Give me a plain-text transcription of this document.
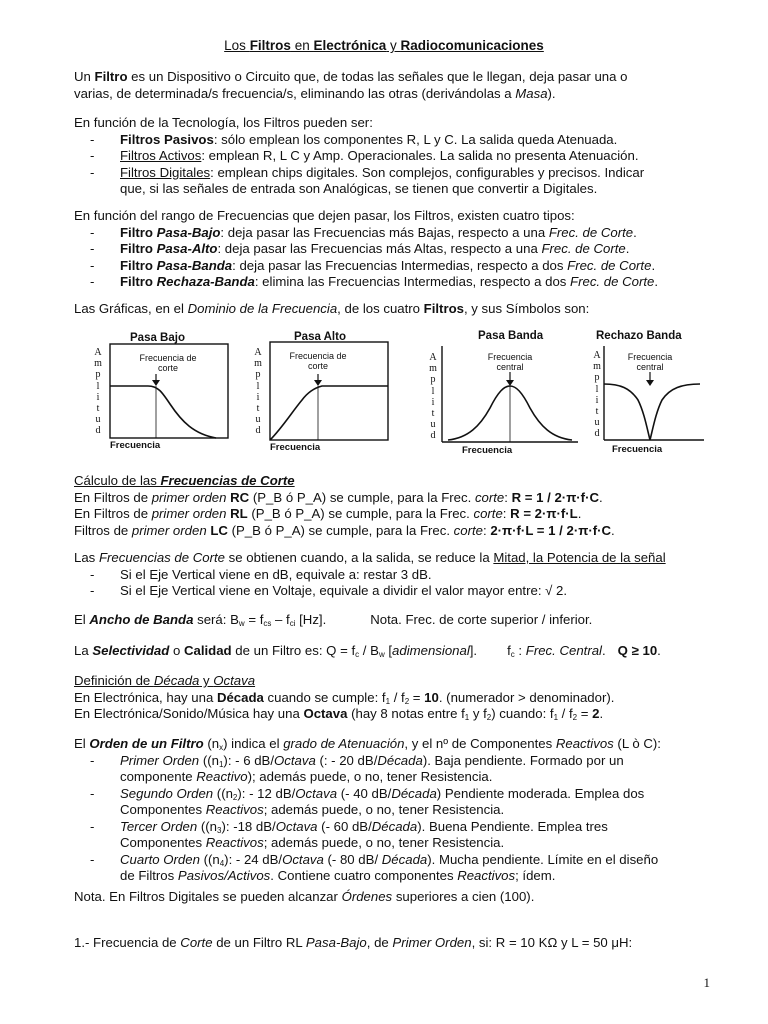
Los Filtros en Electrónica y Radiocomunicaciones
Un Filtro es un Dispositivo o Circuito que, de todas las señales que le llegan, deja pasar una o
varias, de determinada/s frecuencia/s, eliminando las otras (derivándolas a Masa).
En función de la Tecnología, los Filtros pueden ser:
- Filtros Pasivos: sólo emplean los componentes R, L y C. La salida queda Atenuada.
- Filtros Activos: emplean R, L C y Amp. Operacionales. La salida no presenta Atenuación.
- Filtros Digitales: emplean chips digitales. Son complejos, configurables y precisos. Indicar
que, si las señales de entrada son Analógicas, se tienen que convertir a Digitales.
En función del rango de Frecuencias que dejen pasar, los Filtros, existen cuatro tipos:
- Filtro Pasa-Bajo: deja pasar las Frecuencias más Bajas, respecto a una Frec. de Corte.
- Filtro Pasa-Alto: deja pasar las Frecuencias más Altas, respecto a una Frec. de Corte.
- Filtro Pasa-Banda: deja pasar las Frecuencias Intermedias, respecto a dos Frec. de Corte.
- Filtro Rechaza-Banda: elimina las Frecuencias Intermedias, respecto a dos Frec. de Corte.
Las Gráficas, en el Dominio de la Frecuencia, de los cuatro Filtros, y sus Símbolos son:
A
m
p
l
i
t
u
d
Pasa Bajo
Frecuencia de
corte
Frecuencia
A
m
p
l
i
t
u
d
Pasa Alto
Frecuencia de
corte
Frecuencia
A
m
p
l
i
t
u
d
Pasa Banda
Frecuencia
central
Frecuencia
A
m
p
l
i
t
u
d
Rechazo Banda
Frecuencia
central
Frecuencia
Cálculo de las Frecuencias de Corte
En Filtros de primer orden RC (P_B ó P_A) se cumple, para la Frec. corte: R = 1 / 2·π·f·C.
En Filtros de primer orden RL (P_B ó P_A) se cumple, para la Frec. corte: R = 2·π·f·L.
Filtros de primer orden LC (P_B ó P_A) se cumple, para la Frec. corte: 2·π·f·L = 1 / 2·π·f·C.
Las Frecuencias de Corte se obtienen cuando, a la salida, se reduce la Mitad, la Potencia de la señal
- Si el Eje Vertical viene en dB, equivale a: restar 3 dB.
- Si el Eje Vertical viene en Voltaje, equivale a dividir el valor mayor entre: √ 2.
El Ancho de Banda será: $B_w = f_{cs} - f_{ci}$ [Hz].	Nota. Frec. de corte superior / inferior.
La Selectividad o Calidad de un Filtro es: $Q = f_c / B_w$ [adimensional]. $f_c$ : Frec. Central. Q ≥ 10.
Definición de Década y Octava
En Electrónica, hay una Década cuando se cumple: $f_1 / f_2 = 10$. (numerador > denominador).
En Electrónica/Sonido/Música hay una Octava (hay 8 notas entre $f_1$ y $f_2$) cuando: $f_1 / f_2 = 2$.
El Orden de un Filtro $(n_x)$ indica el grado de Atenuación, y el nº de Componentes Reactivos (L ò C):
- Primer Orden ($(n_1)$: - 6 dB/Octava (: - 20 dB/Década). Baja pendiente. Formado por un
componente Reactivo); además puede, o no, tener Resistencia.
- Segundo Orden ($(n_2)$: - 12 dB/Octava (- 40 dB/Década) Pendiente moderada. Emplea dos
Componentes Reactivos; además puede, o no, tener Resistencia.
- Tercer Orden ($(n_3)$: -18 dB/Octava (- 60 dB/Década). Buena Pendiente. Emplea tres
Componentes Reactivos; además puede, o no, tener Resistencia.
- Cuarto Orden ($(n_4)$: - 24 dB/Octava (- 80 dB/ Década). Mucha pendiente. Límite en el diseño
de Filtros Pasivos/Activos. Contiene cuatro componentes Reactivos; ídem.
Nota. En Filtros Digitales se pueden alcanzar Órdenes superiores a cien (100).
1.- Frecuencia de Corte de un Filtro RL Pasa-Bajo, de Primer Orden, si: R = 10 KΩ y L = 50 μH:
1
